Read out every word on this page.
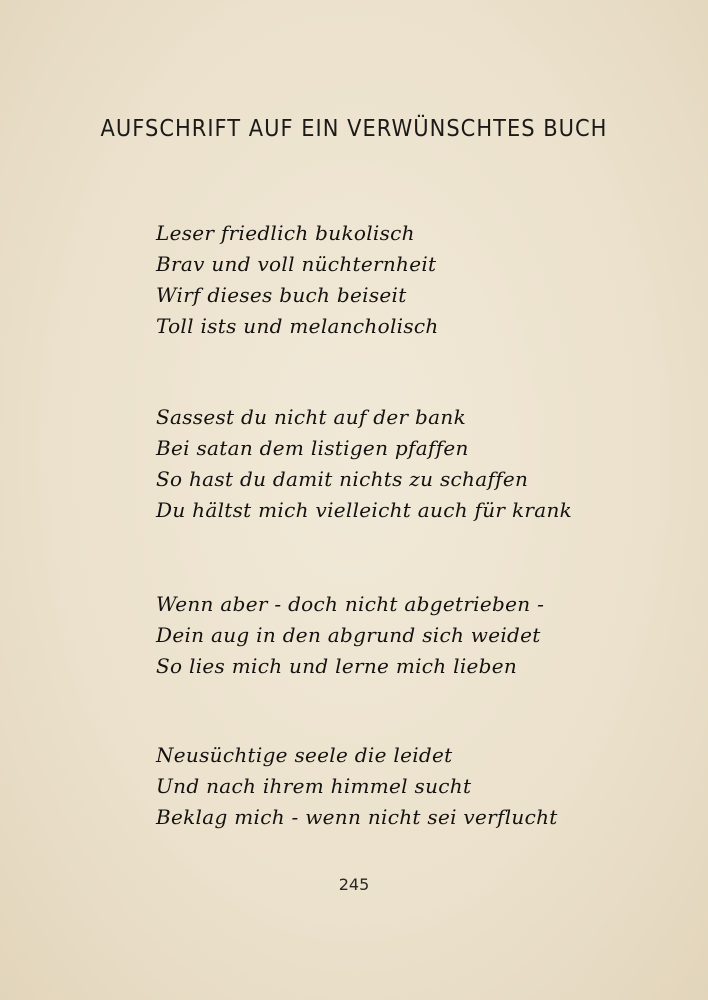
AUFSCHRIFT AUF EIN VERWÜNSCHTES BUCH
Leser friedlich bukolisch
Brav und voll nüchternheit
Wirf dieses buch beiseit
Toll ists und melancholisch
Sassest du nicht auf der bank
Bei satan dem listigen pfaffen
So hast du damit nichts zu schaffen
Du hältst mich vielleicht auch für krank
Wenn aber - doch nicht abgetrieben -
Dein aug in den abgrund sich weidet
So lies mich und lerne mich lieben
Neusüchtige seele die leidet
Und nach ihrem himmel sucht
Beklag mich - wenn nicht sei verflucht
245
